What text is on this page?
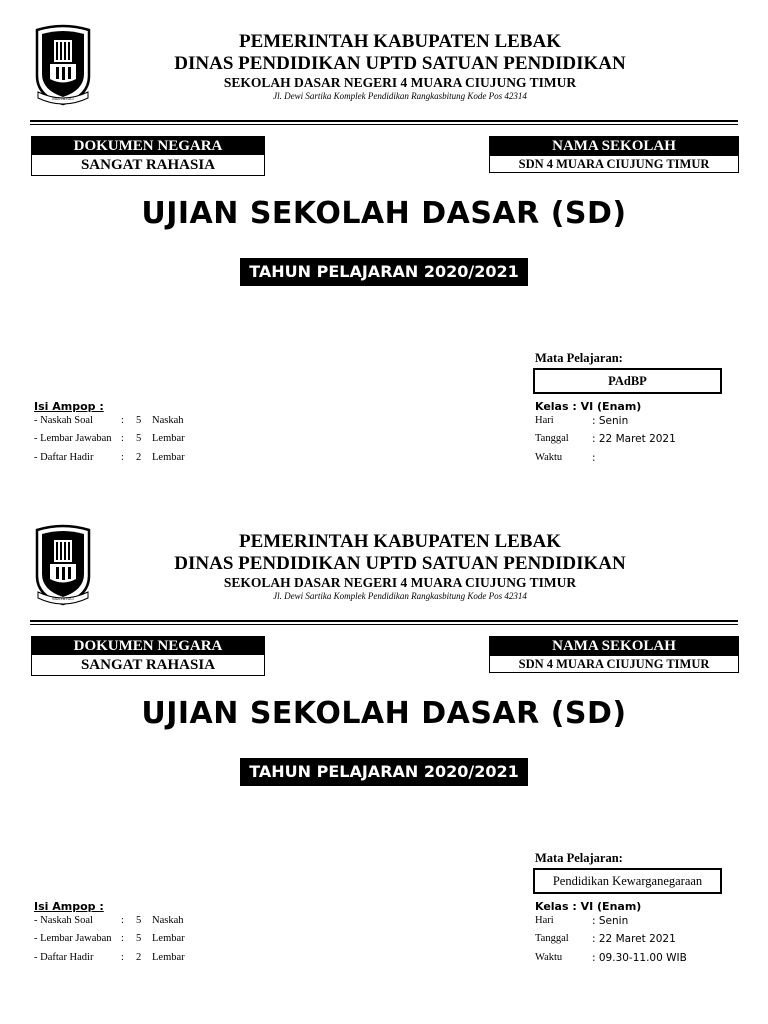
MULTATULI
PEMERINTAH KABUPATEN LEBAK
DINAS PENDIDIKAN UPTD SATUAN PENDIDIKAN
SEKOLAH DASAR NEGERI 4 MUARA CIUJUNG TIMUR
Jl. Dewi Sartika Komplek Pendidikan Rangkasbitung Kode Pos 42314
DOKUMEN NEGARA
SANGAT RAHASIA
NAMA SEKOLAH
SDN 4 MUARA CIUJUNG TIMUR
UJIAN SEKOLAH DASAR (SD)
TAHUN PELAJARAN 2020/2021
Mata Pelajaran:
PAdBP
Isi Ampop :
- Naskah Soal	: 5 Naskah
- Lembar Jawaban : 5 Lembar
- Daftar Hadir	: 2 Lembar
Kelas : VI (Enam)
Hari	: Senin
Tanggal : 22 Maret 2021
Waktu	:
MULTATULI
PEMERINTAH KABUPATEN LEBAK
DINAS PENDIDIKAN UPTD SATUAN PENDIDIKAN
SEKOLAH DASAR NEGERI 4 MUARA CIUJUNG TIMUR
Jl. Dewi Sartika Komplek Pendidikan Rangkasbitung Kode Pos 42314
DOKUMEN NEGARA
SANGAT RAHASIA
NAMA SEKOLAH
SDN 4 MUARA CIUJUNG TIMUR
UJIAN SEKOLAH DASAR (SD)
TAHUN PELAJARAN 2020/2021
Mata Pelajaran:
Pendidikan Kewarganegaraan
Isi Ampop :
- Naskah Soal	: 5 Naskah
- Lembar Jawaban : 5 Lembar
- Daftar Hadir	: 2 Lembar
Kelas : VI (Enam)
Hari	: Senin
Tanggal : 22 Maret 2021
Waktu	: 09.30-11.00 WIB
